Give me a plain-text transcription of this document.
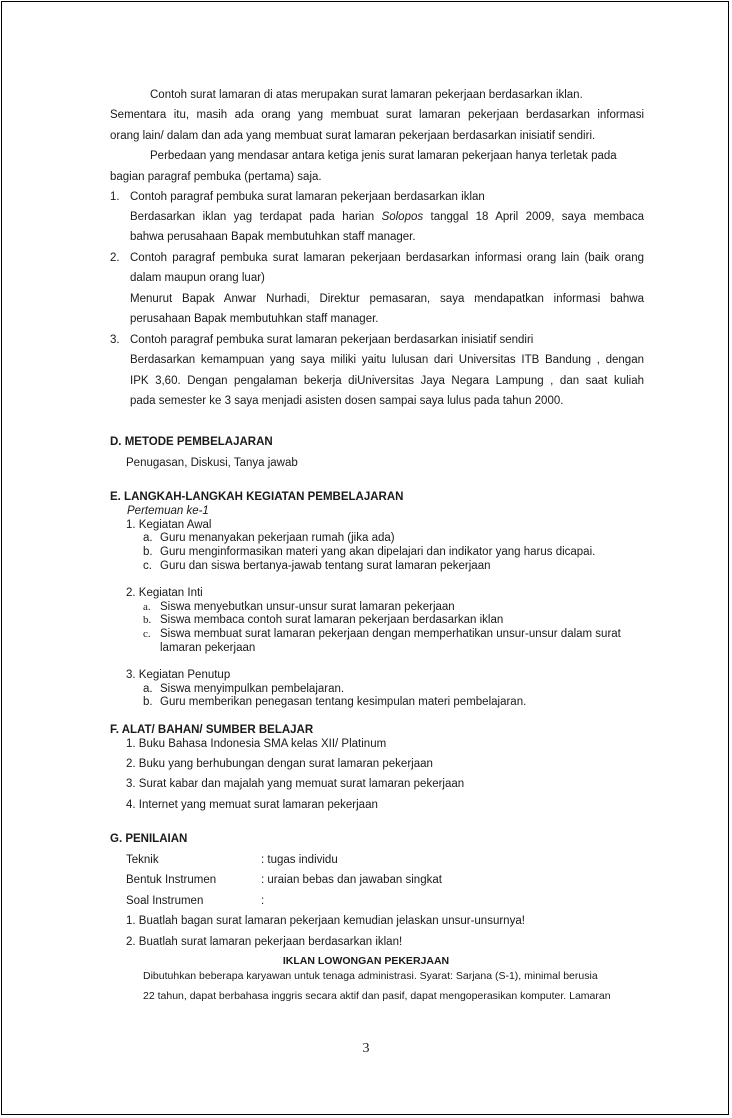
Contoh surat lamaran di atas merupakan surat lamaran pekerjaan berdasarkan iklan.
Sementara itu, masih ada orang yang membuat surat lamaran pekerjaan berdasarkan informasi
orang lain/ dalam dan ada yang membuat surat lamaran pekerjaan berdasarkan inisiatif sendiri.
Perbedaan yang mendasar antara ketiga jenis surat lamaran pekerjaan hanya terletak pada
bagian paragraf pembuka (pertama) saja.
1. Contoh paragraf pembuka surat lamaran pekerjaan berdasarkan iklan
Berdasarkan iklan yag terdapat pada harian Solopos tanggal 18 April 2009, saya membaca
bahwa perusahaan Bapak membutuhkan staff manager.
2. Contoh paragraf pembuka surat lamaran pekerjaan berdasarkan informasi orang lain (baik orang
dalam maupun orang luar)
Menurut Bapak Anwar Nurhadi, Direktur pemasaran, saya mendapatkan informasi bahwa
perusahaan Bapak membutuhkan staff manager.
3. Contoh paragraf pembuka surat lamaran pekerjaan berdasarkan inisiatif sendiri
Berdasarkan kemampuan yang saya miliki yaitu lulusan dari Universitas ITB Bandung , dengan
IPK 3,60. Dengan pengalaman bekerja diUniversitas Jaya Negara Lampung , dan saat kuliah
pada semester ke 3 saya menjadi asisten dosen sampai saya lulus pada tahun 2000.
D. METODE PEMBELAJARAN
Penugasan, Diskusi, Tanya jawab
E. LANGKAH-LANGKAH KEGIATAN PEMBELAJARAN
Pertemuan ke-1
1. Kegiatan Awal
a. Guru menanyakan pekerjaan rumah (jika ada)
b. Guru menginformasikan materi yang akan dipelajari dan indikator yang harus dicapai.
c. Guru dan siswa bertanya-jawab tentang surat lamaran pekerjaan
2. Kegiatan Inti
a. Siswa menyebutkan unsur-unsur surat lamaran pekerjaan
b. Siswa membaca contoh surat lamaran pekerjaan berdasarkan iklan
c. Siswa membuat surat lamaran pekerjaan dengan memperhatikan unsur-unsur dalam surat
lamaran pekerjaan
3. Kegiatan Penutup
a. Siswa menyimpulkan pembelajaran.
b. Guru memberikan penegasan tentang kesimpulan materi pembelajaran.
F. ALAT/ BAHAN/ SUMBER BELAJAR
1. Buku Bahasa Indonesia SMA kelas XII/ Platinum
2. Buku yang berhubungan dengan surat lamaran pekerjaan
3. Surat kabar dan majalah yang memuat surat lamaran pekerjaan
4. Internet yang memuat surat lamaran pekerjaan
G. PENILAIAN
Teknik	: tugas individu
Bentuk Instrumen	: uraian bebas dan jawaban singkat
Soal Instrumen	:
1. Buatlah bagan surat lamaran pekerjaan kemudian jelaskan unsur-unsurnya!
2. Buatlah surat lamaran pekerjaan berdasarkan iklan!
IKLAN LOWONGAN PEKERJAAN
Dibutuhkan beberapa karyawan untuk tenaga administrasi. Syarat: Sarjana (S-1), minimal berusia
22 tahun, dapat berbahasa inggris secara aktif dan pasif, dapat mengoperasikan komputer. Lamaran
3
